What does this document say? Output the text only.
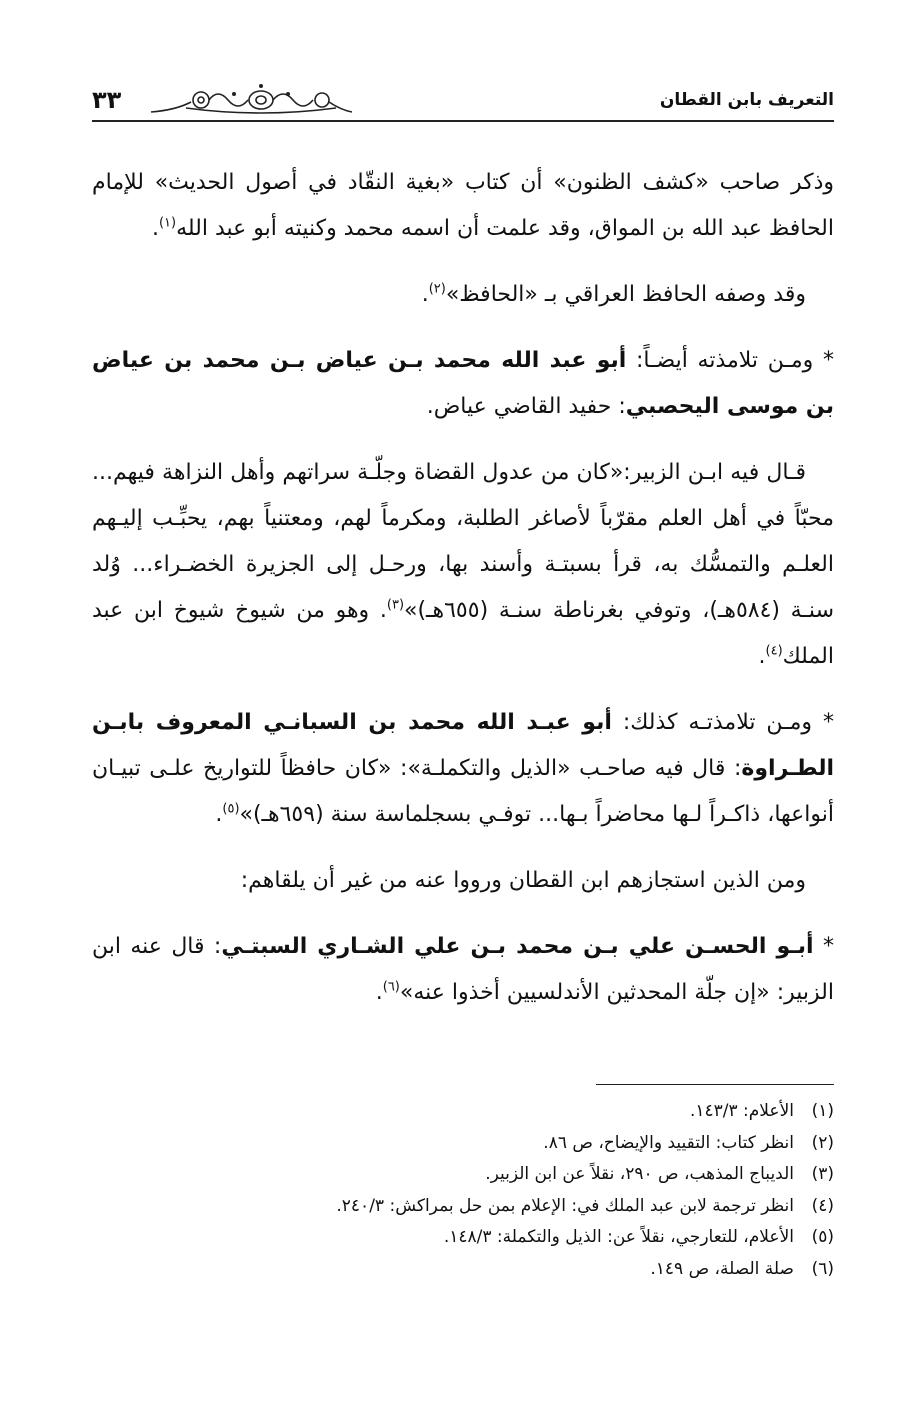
التعريف بابن القطان
٣٣

وذكر صاحب «كشف الظنون» أن كتاب «بغية النقّاد في أصول الحديث» للإمام الحافظ عبد الله بن المواق، وقد علمت أن اسمه محمد وكنيته أبو عبد الله$^{(١)}$.

وقد وصفه الحافظ العراقي بـ «الحافظ»$^{(٢)}$.

* ومـن تلامذته أيضـاً: أبو عبد الله محمد بـن عياض بـن محمد بن عياض بن موسى اليحصبي: حفيد القاضي عياض.

قـال فيه ابـن الزبير:«كان من عدول القضاة وجلّـة سراتهم وأهل النزاهة فيهم... محبّاً في أهل العلم مقرّباً لأصاغر الطلبة، ومكرماً لهم، ومعتنياً بهم، يحبِّـب إليـهم العلـم والتمسُّك به، قرأ بسبتـة وأسند بها، ورحـل إلى الجزيرة الخضـراء... وُلد سنـة (٥٨٤هـ)، وتوفي بغرناطة سنـة (٦٥٥هـ)»$^{(٣)}$. وهو من شيوخ شيوخ ابن عبد الملك$^{(٤)}$.

* ومـن تلامذتـه كذلك: أبو عبـد الله محمد بن السبانـي المعروف بابـن الطـراوة: قال فيه صاحـب «الذيل والتكملـة»: «كان حافظاً للتواريخ علـى تبيـان أنواعها، ذاكـراً لـها محاضراً بـها... توفـي بسجلماسة سنة (٦٥٩هـ)»$^{(٥)}$.

ومن الذين استجازهم ابن القطان ورووا عنه من غير أن يلقاهم:

* أبـو الحسـن علي بـن محمد بـن علي الشـاري السبتـي: قال عنه ابن الزبير: «إن جلّة المحدثين الأندلسيين أخذوا عنه»$^{(٦)}$.

(١)الأعلام: ١٤٣/٣.
(٢)انظر كتاب: التقييد والإيضاح، ص ٨٦.
(٣)الديباج المذهب، ص ٢٩٠، نقلاً عن ابن الزبير.
(٤)انظر ترجمة لابن عبد الملك في: الإعلام بمن حل بمراكش: ٢٤٠/٣.
(٥)الأعلام، للتعارجي، نقلاً عن: الذيل والتكملة: ١٤٨/٣.
(٦)صلة الصلة، ص ١٤٩.
